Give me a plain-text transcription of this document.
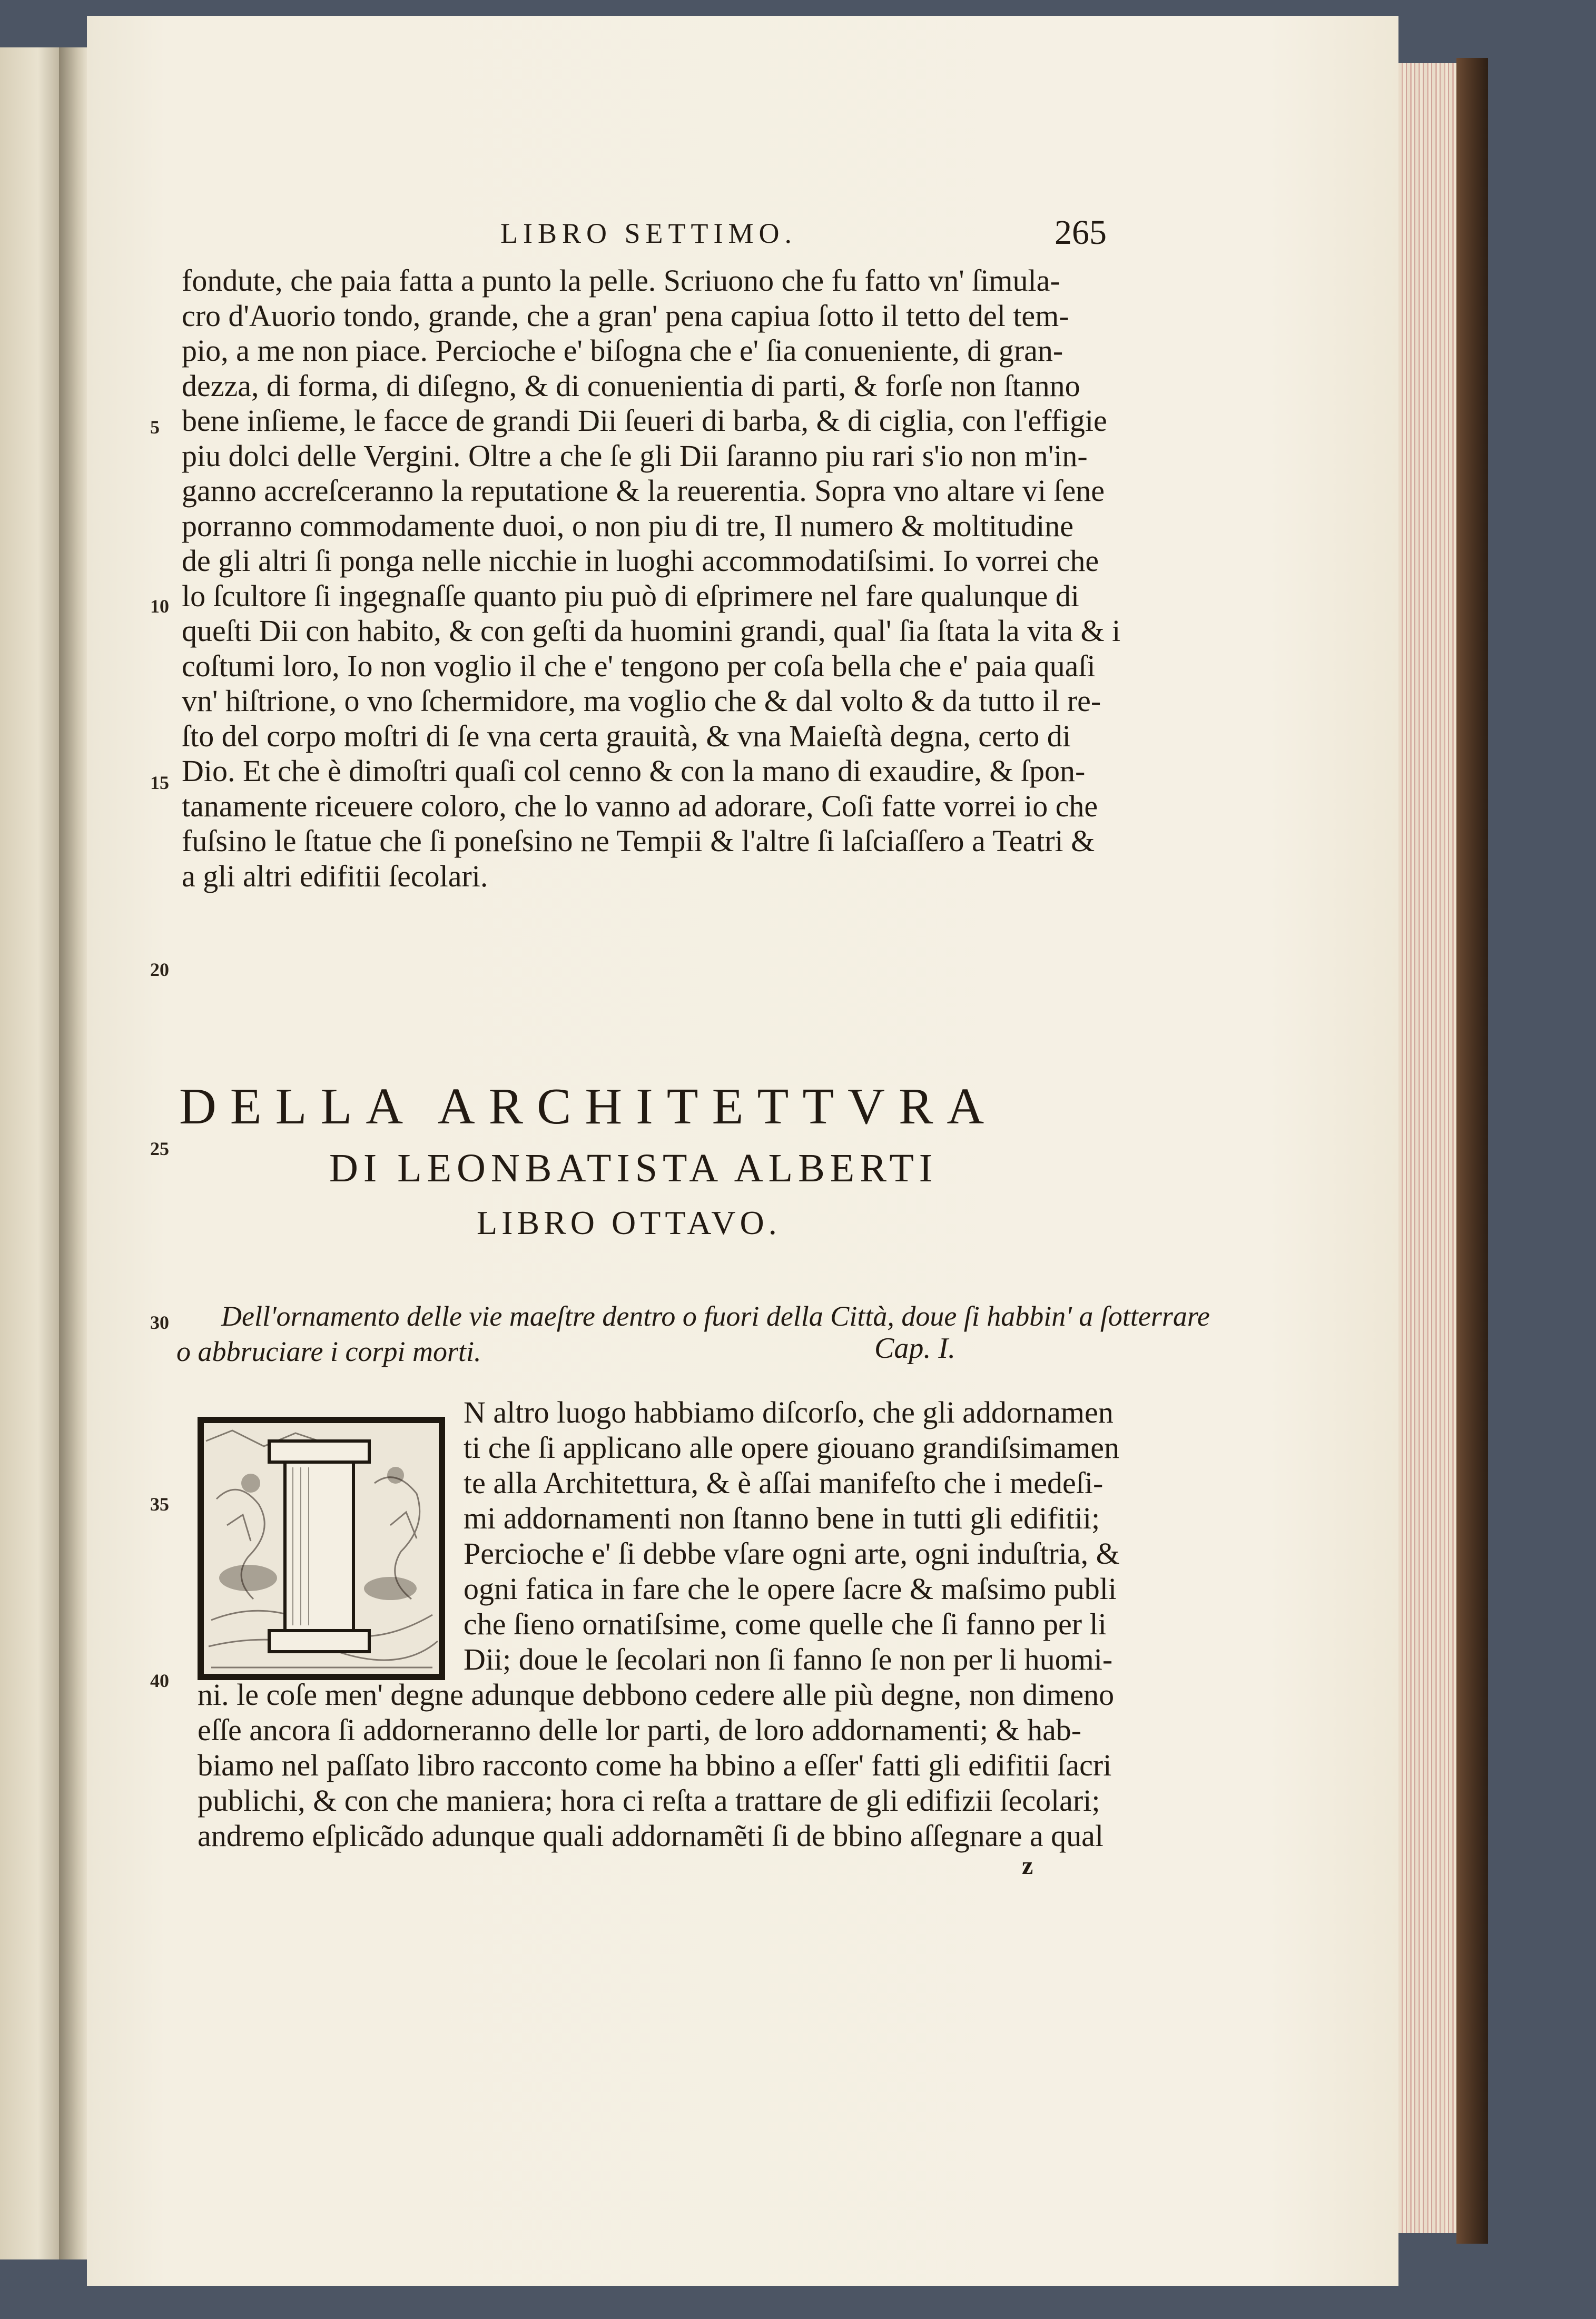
LIBRO SETTIMO.	265
fondute, che paia fatta a punto la pelle. Scriuono che fu fatto vn' ſimula-
cro d'Auorio tondo, grande, che a gran' pena capiua ſotto il tetto del tem-
pio, a me non piace. Percioche e' biſogna che e' ſia conueniente, di gran-
dezza, di forma, di diſegno, & di conuenientia di parti, & forſe non ſtanno
bene inſieme, le facce de grandi Dii ſeueri di barba, & di ciglia, con l'effigie
piu dolci delle Vergini. Oltre a che ſe gli Dii ſaranno piu rari s'io non m'in-
ganno accreſceranno la reputatione & la reuerentia. Sopra vno altare vi ſene
porranno commodamente duoi, o non piu di tre, Il numero & moltitudine
de gli altri ſi ponga nelle nicchie in luoghi accommodatiſsimi. Io vorrei che
lo ſcultore ſi ingegnaſſe quanto piu può di eſprimere nel fare qualunque di
queſti Dii con habito, & con geſti da huomini grandi, qual' ſia ſtata la vita & i
coſtumi loro, Io non voglio il che e' tengono per coſa bella che e' paia quaſi
vn' hiſtrione, o vno ſchermidore, ma voglio che & dal volto & da tutto il re-
ſto del corpo moſtri di ſe vna certa grauità, & vna Maieſtà degna, certo di
Dio. Et che è dimoſtri quaſi col cenno & con la mano di exaudire, & ſpon-
tanamente riceuere coloro, che lo vanno ad adorare, Coſi fatte vorrei io che
fuſsino le ſtatue che ſi poneſsino ne Tempii & l'altre ſi laſciaſſero a Teatri &
a gli altri edifitii ſecolari.
5
10
15
20
25
30
35
40
DELLA ARCHITETTVRA
DI LEONBATISTA ALBERTI
LIBRO OTTAVO.
Dell'ornamento delle vie maeſtre dentro o fuori della Città, doue ſi habbin' a ſotterrare
o abbruciare i corpi morti.	Cap. I.
N altro luogo habbiamo diſcorſo, che gli addornamen
ti che ſi applicano alle opere giouano grandiſsimamen
te alla Architettura, & è aſſai manifeſto che i medeſi-
mi addornamenti non ſtanno bene in tutti gli edifitii;
Percioche e' ſi debbe vſare ogni arte, ogni induſtria, &
ogni fatica in fare che le opere ſacre & maſsimo publi
che ſieno ornatiſsime, come quelle che ſi fanno per li
Dii; doue le ſecolari non ſi fanno ſe non per li huomi-
ni. le coſe men' degne adunque debbono cedere alle più degne, non dimeno
eſſe ancora ſi addorneranno delle lor parti, de loro addornamenti; & hab-
biamo nel paſſato libro racconto come ha bbino a eſſer' fatti gli edifitii ſacri
publichi, & con che maniera; hora ci reſta a trattare de gli edifizii ſecolari;
andremo eſplicãdo adunque quali addornamẽti ſi de bbino aſſegnare a qual
z
